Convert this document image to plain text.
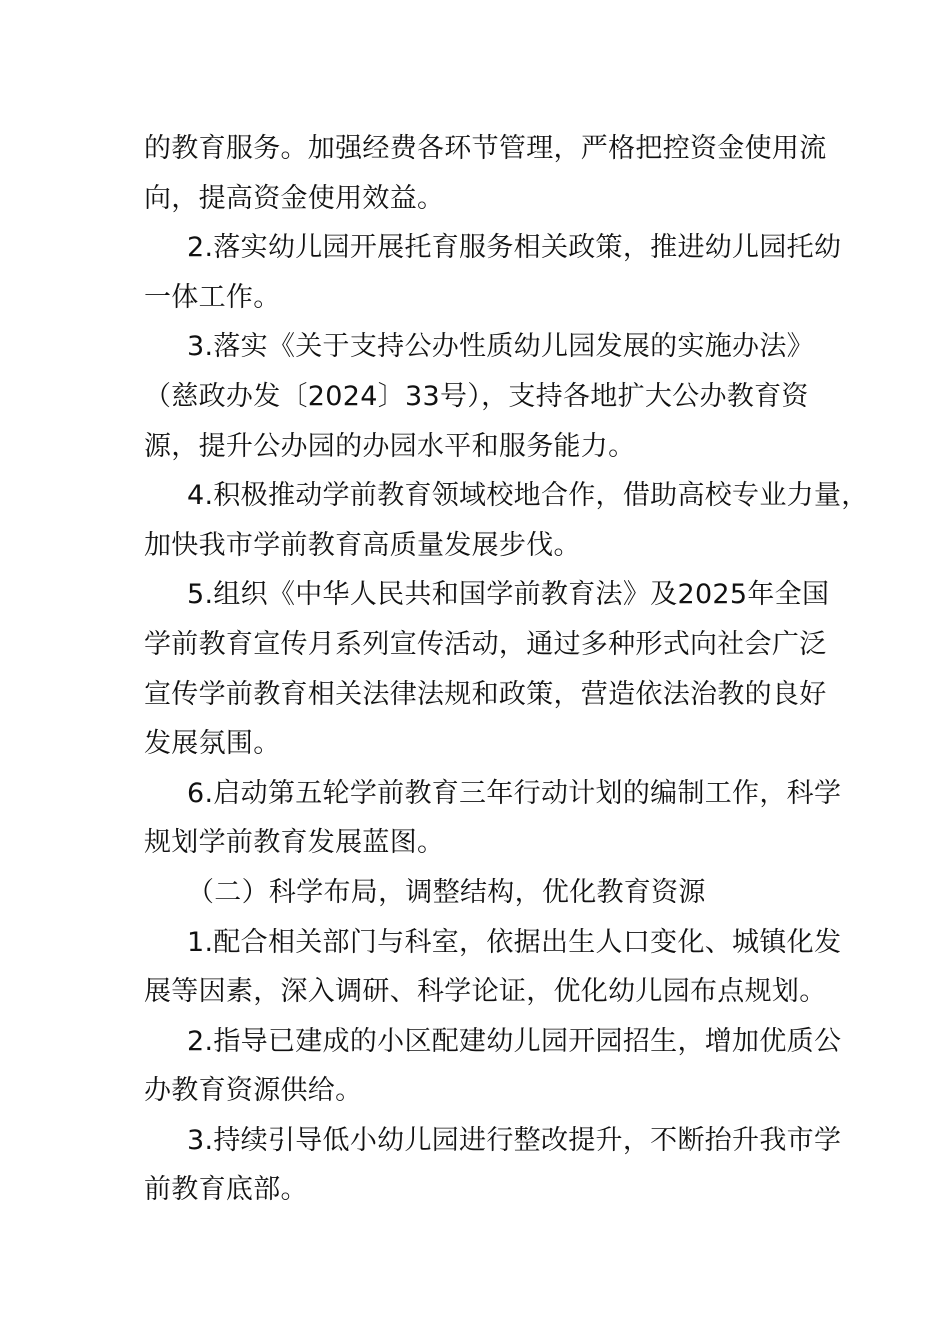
的教育服务。加强经费各环节管理，严格把控资金使用流
向，提高资金使用效益。
2.落实幼儿园开展托育服务相关政策，推进幼儿园托幼
一体工作。
3.落实《关于支持公办性质幼儿园发展的实施办法》
（慈政办发〔2024〕33号），支持各地扩大公办教育资
源，提升公办园的办园水平和服务能力。
4.积极推动学前教育领域校地合作，借助高校专业力量，
加快我市学前教育高质量发展步伐。
5.组织《中华人民共和国学前教育法》及2025年全国
学前教育宣传月系列宣传活动，通过多种形式向社会广泛
宣传学前教育相关法律法规和政策，营造依法治教的良好
发展氛围。
6.启动第五轮学前教育三年行动计划的编制工作，科学
规划学前教育发展蓝图。
（二）科学布局，调整结构，优化教育资源
1.配合相关部门与科室，依据出生人口变化、城镇化发
展等因素，深入调研、科学论证，优化幼儿园布点规划。
2.指导已建成的小区配建幼儿园开园招生，增加优质公
办教育资源供给。
3.持续引导低小幼儿园进行整改提升，不断抬升我市学
前教育底部。
